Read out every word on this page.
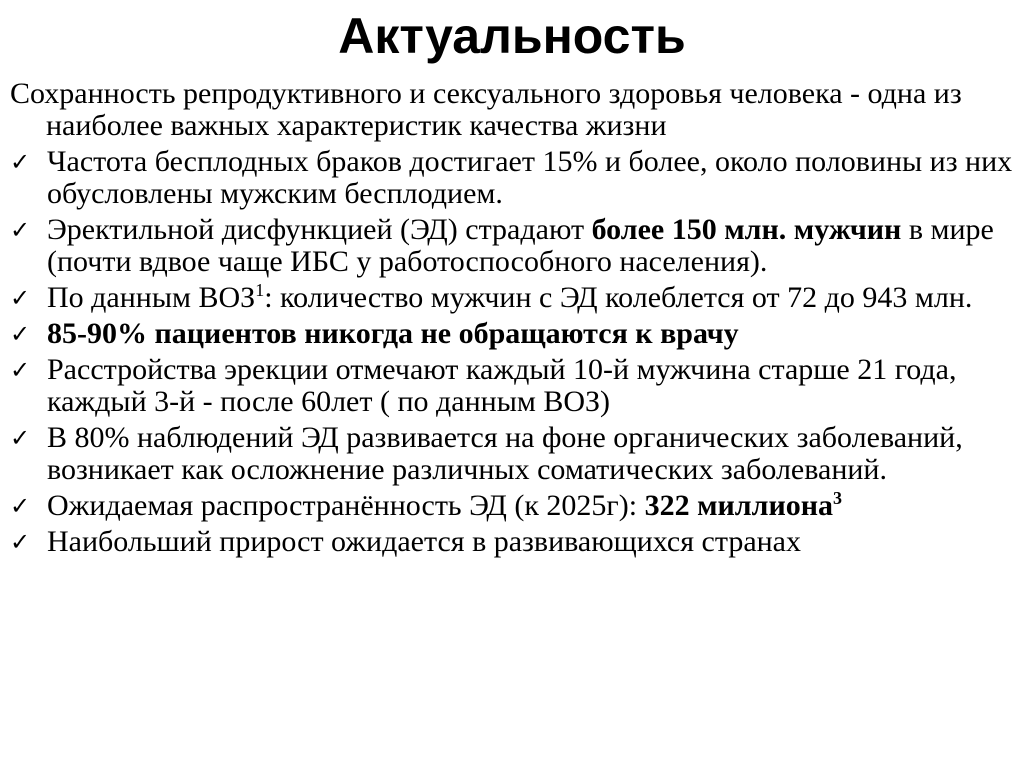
Актуальность

Сохранность репродуктивного и сексуального здоровья человека - одна из наиболее важных характеристик качества жизни

✓ Частота бесплодных браков достигает 15% и более, около половины из них обусловлены мужским бесплодием.

✓ Эректильной дисфункцией (ЭД) страдают более 150 млн. мужчин в мире (почти вдвое чаще ИБС у работоспособного населения).

✓ По данным ВОЗ$^1$: количество мужчин с ЭД колеблется от 72 до 943 млн.

✓ 85-90% пациентов никогда не обращаются к врачу

✓ Расстройства эрекции отмечают каждый 10-й мужчина старше 21 года, каждый 3-й - после 60лет ( по данным ВОЗ)

✓ В 80% наблюдений ЭД развивается на фоне органических заболеваний, возникает как осложнение различных соматических заболеваний.

✓ Ожидаемая распространённость ЭД (к 2025г): 322 миллиона$^3$

✓ Наибольший прирост ожидается в развивающихся странах
